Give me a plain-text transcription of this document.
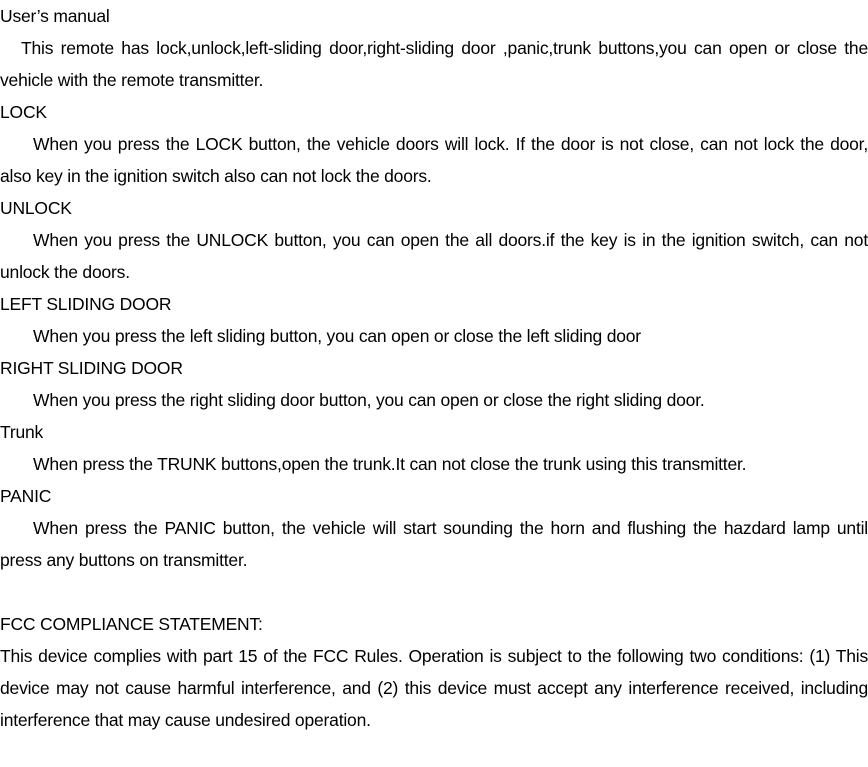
User’s manual

This remote has lock,unlock,left-sliding door,right-sliding door ,panic,trunk buttons,you can open or close the vehicle with the remote transmitter.

LOCK

When you press the LOCK button, the vehicle doors will lock. If the door is not close, can not lock the door, also key in the ignition switch also can not lock the doors.

UNLOCK

When you press the UNLOCK button, you can open the all doors.if the key is in the ignition switch, can not unlock the doors.

LEFT SLIDING DOOR

When you press the left sliding button, you can open or close the left sliding door

RIGHT SLIDING DOOR

When you press the right sliding door button, you can open or close the right sliding door.

Trunk

When press the TRUNK buttons,open the trunk.It can not close the trunk using this transmitter.

PANIC

When press the PANIC button, the vehicle will start sounding the horn and flushing the hazdard lamp until press any buttons on transmitter.

FCC COMPLIANCE STATEMENT:

This device complies with part 15 of the FCC Rules. Operation is subject to the following two conditions: (1) This device may not cause harmful interference, and (2) this device must accept any interference received, including interference that may cause undesired operation.
